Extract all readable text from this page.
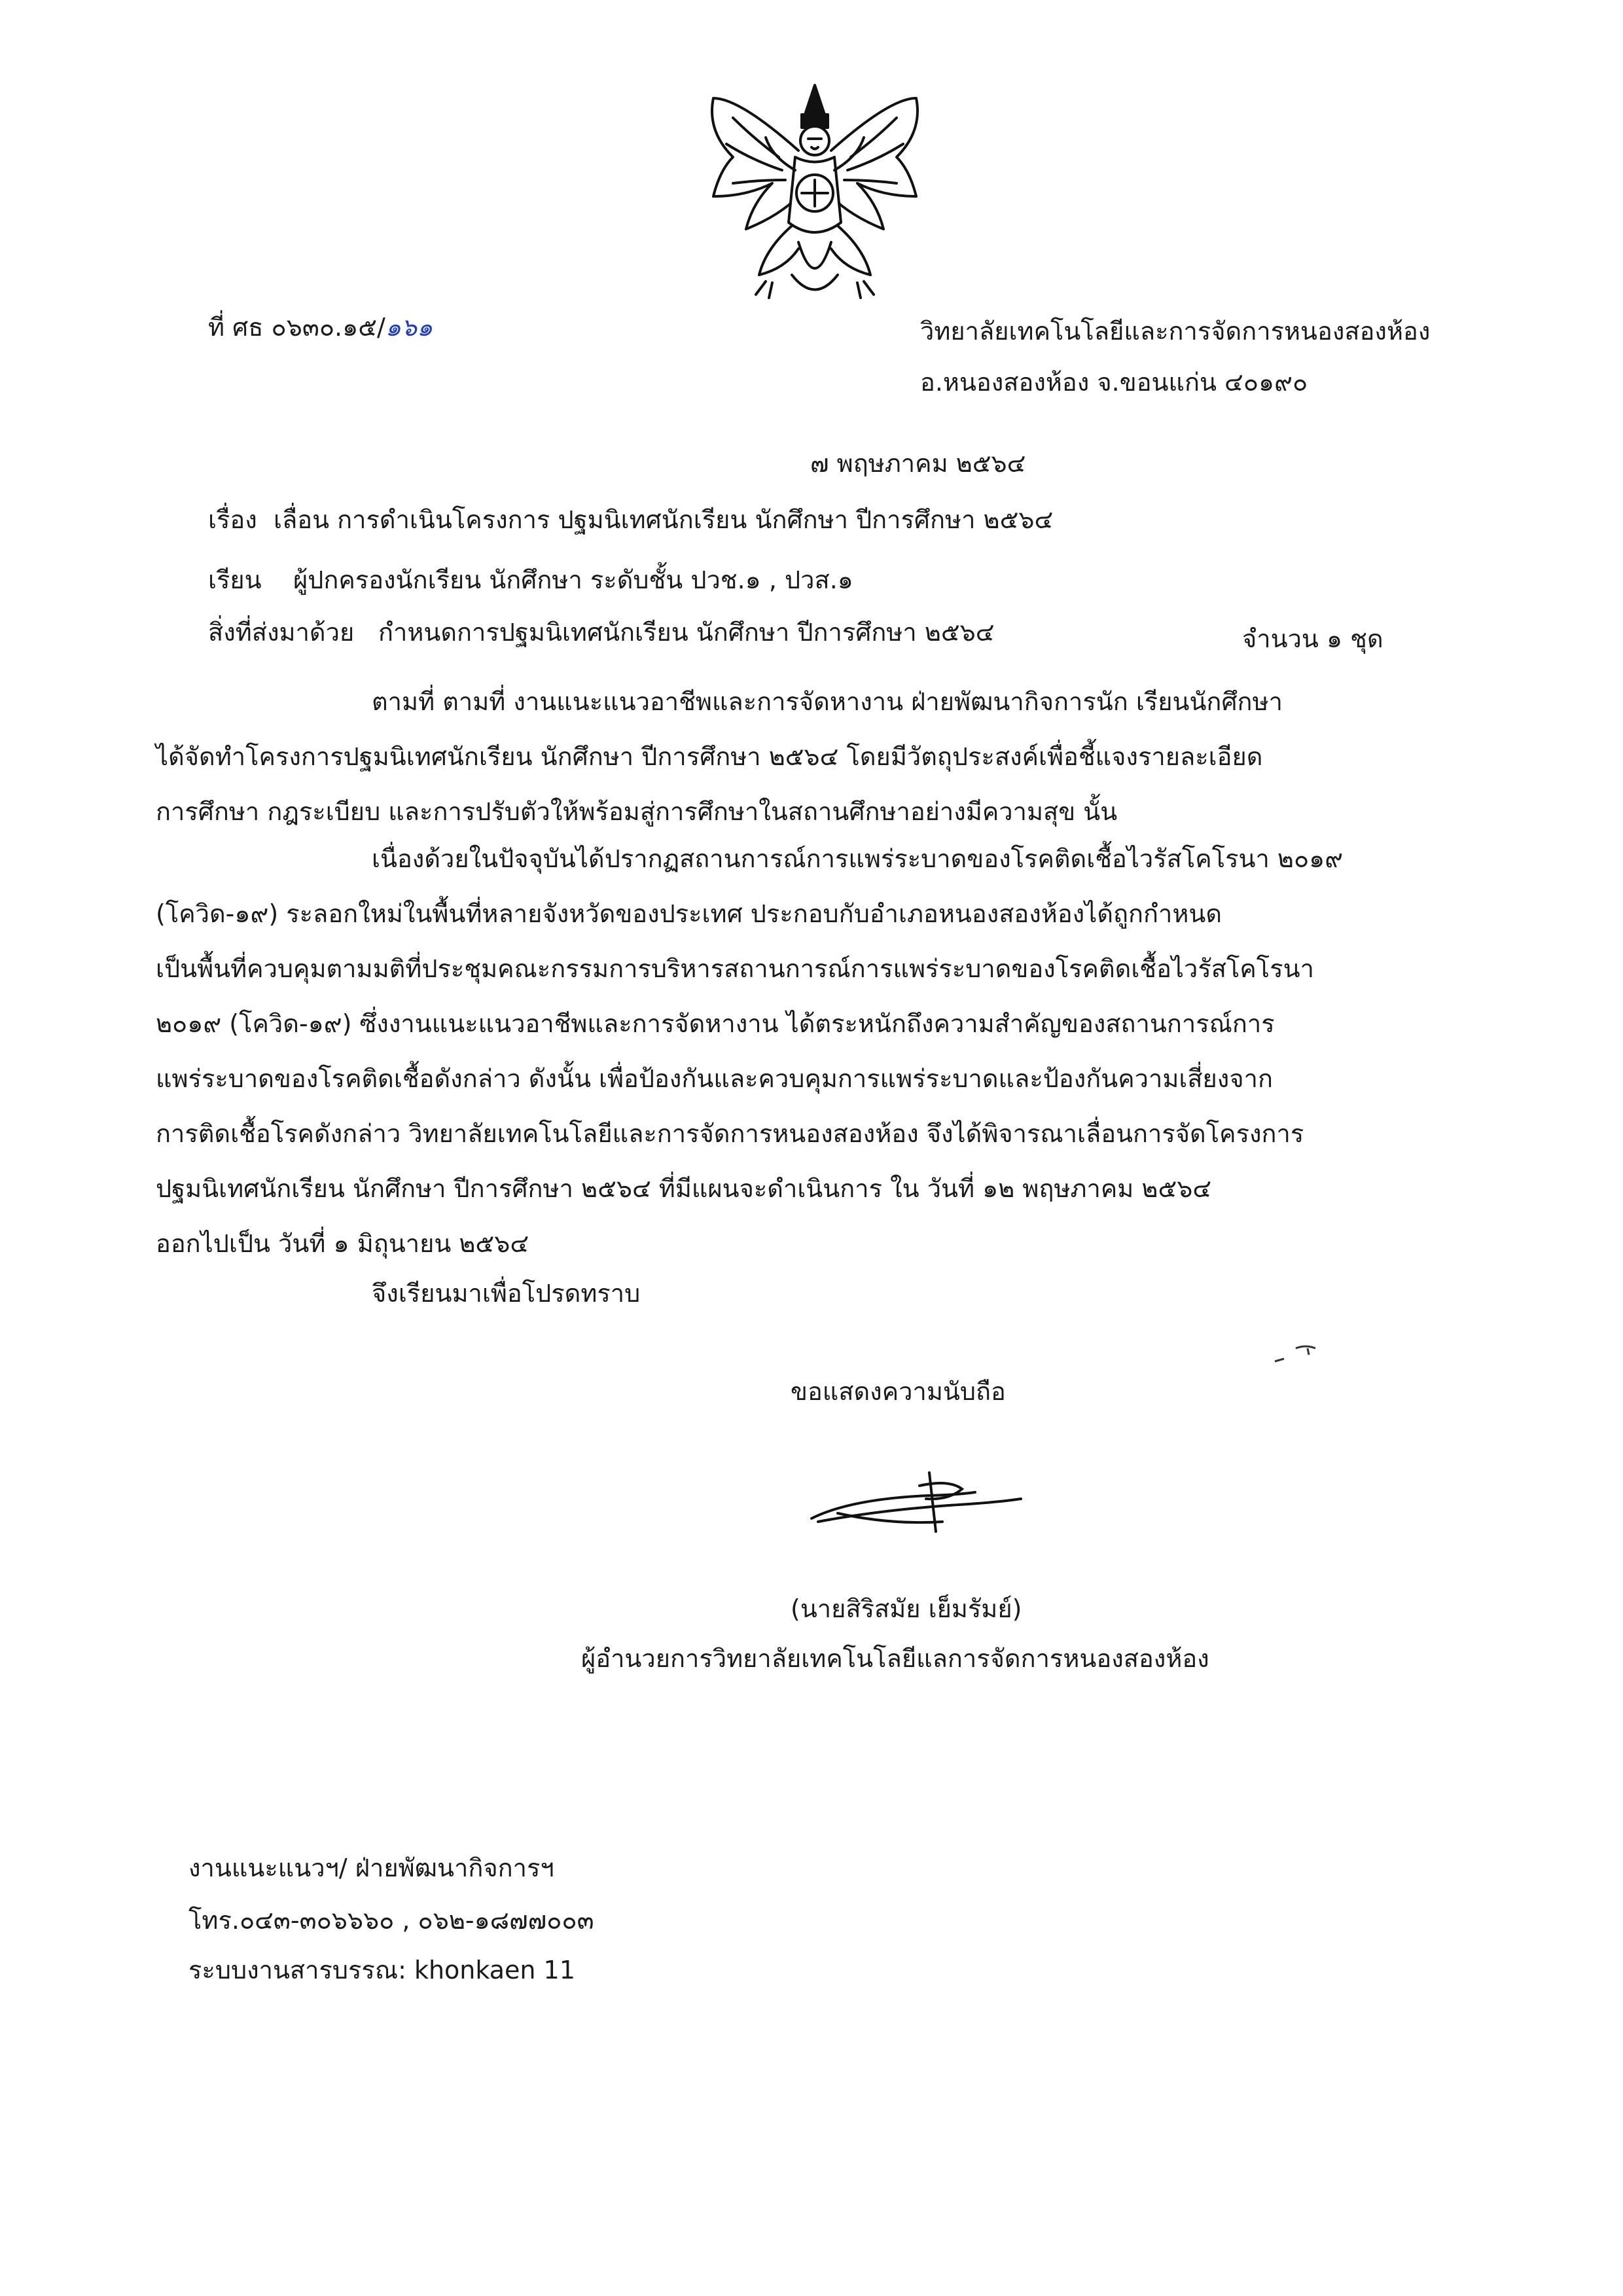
ที่ ศธ ๐๖๓๐.๑๕/๑๖๑	วิทยาลัยเทคโนโลยีและการจัดการหนองสองห้อง
อ.หนองสองห้อง จ.ขอนแก่น ๔๐๑๙๐
๗ พฤษภาคม ๒๕๖๔
เรื่อง เลื่อน การดำเนินโครงการ ปฐมนิเทศนักเรียน นักศึกษา ปีการศึกษา ๒๕๖๔
เรียน ผู้ปกครองนักเรียน นักศึกษา ระดับชั้น ปวช.๑ , ปวส.๑
สิ่งที่ส่งมาด้วย กำหนดการปฐมนิเทศนักเรียน นักศึกษา ปีการศึกษา ๒๕๖๔	จำนวน ๑ ชุด
ตามที่ ตามที่ งานแนะแนวอาชีพและการจัดหางาน ฝ่ายพัฒนากิจการนัก เรียนนักศึกษา
ได้จัดทำโครงการปฐมนิเทศนักเรียน นักศึกษา ปีการศึกษา ๒๕๖๔ โดยมีวัตถุประสงค์เพื่อชี้แจงรายละเอียด
การศึกษา กฎระเบียบ และการปรับตัวให้พร้อมสู่การศึกษาในสถานศึกษาอย่างมีความสุข นั้น
เนื่องด้วยในปัจจุบันได้ปรากฏสถานการณ์การแพร่ระบาดของโรคติดเชื้อไวรัสโคโรนา ๒๐๑๙
(โควิด-๑๙) ระลอกใหม่ในพื้นที่หลายจังหวัดของประเทศ ประกอบกับอำเภอหนองสองห้องได้ถูกกำหนด
เป็นพื้นที่ควบคุมตามมติที่ประชุมคณะกรรมการบริหารสถานการณ์การแพร่ระบาดของโรคติดเชื้อไวรัสโคโรนา
๒๐๑๙ (โควิด-๑๙) ซึ่งงานแนะแนวอาชีพและการจัดหางาน ได้ตระหนักถึงความสำคัญของสถานการณ์การ
แพร่ระบาดของโรคติดเชื้อดังกล่าว ดังนั้น เพื่อป้องกันและควบคุมการแพร่ระบาดและป้องกันความเสี่ยงจาก
การติดเชื้อโรคดังกล่าว วิทยาลัยเทคโนโลยีและการจัดการหนองสองห้อง จึงได้พิจารณาเลื่อนการจัดโครงการ
ปฐมนิเทศนักเรียน นักศึกษา ปีการศึกษา ๒๕๖๔ ที่มีแผนจะดำเนินการ ใน วันที่ ๑๒ พฤษภาคม ๒๕๖๔
ออกไปเป็น วันที่ ๑ มิถุนายน ๒๕๖๔
จึงเรียนมาเพื่อโปรดทราบ
ขอแสดงความนับถือ
(นายสิริสมัย เย็มรัมย์)
ผู้อำนวยการวิทยาลัยเทคโนโลยีแลการจัดการหนองสองห้อง
งานแนะแนวฯ/ ฝ่ายพัฒนากิจการฯ
โทร.๐๔๓-๓๐๖๖๖๐ , ๐๖๒-๑๘๗๗๐๐๓
ระบบงานสารบรรณ: khonkaen 11
